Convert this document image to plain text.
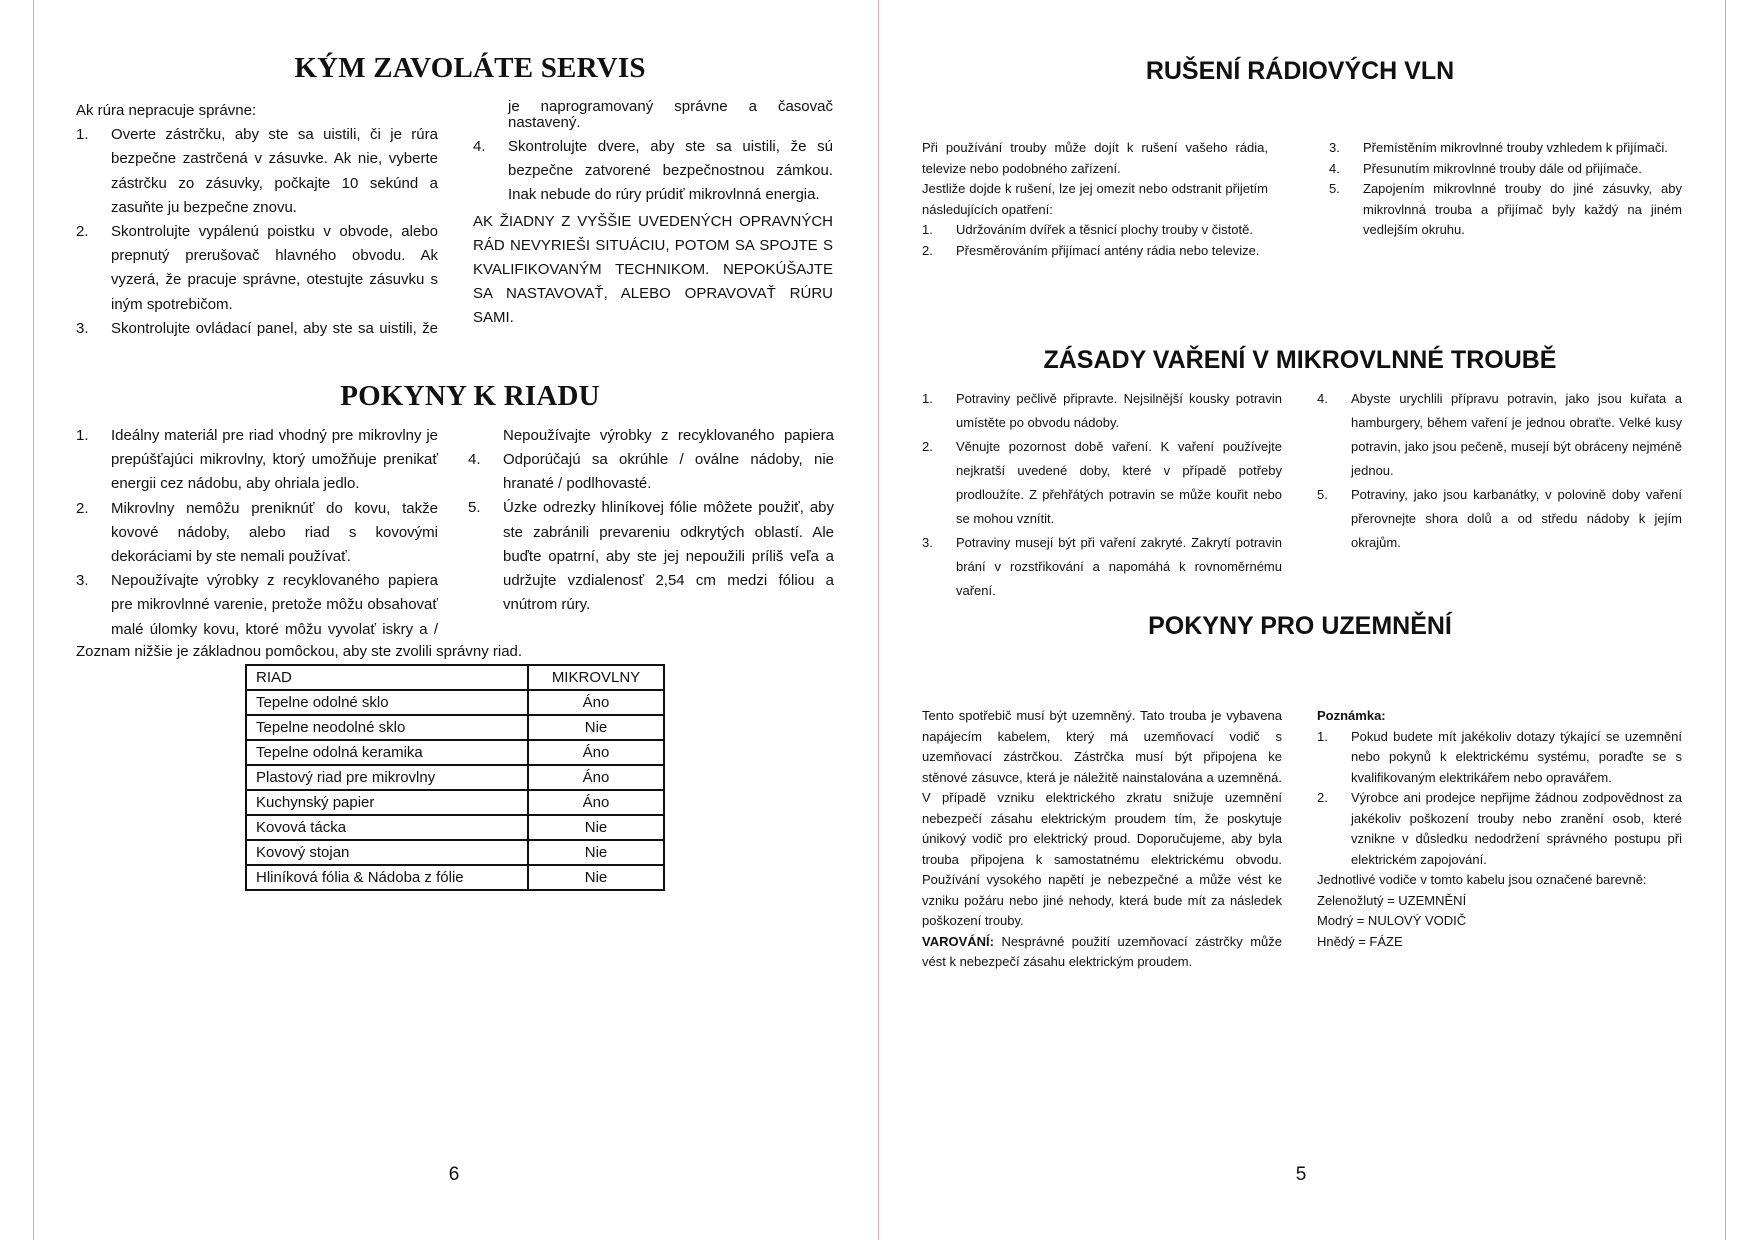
KÝM ZAVOLÁTE SERVIS

Ak rúra nepracuje správne:

1. Overte zástrčku, aby ste sa uistili, či je rúra bezpečne zastrčená v zásuvke. Ak nie, vyberte zástrčku zo zásuvky, počkajte 10 sekúnd a zasuňte ju bezpečne znovu.
2. Skontrolujte vypálenú poistku v obvode, alebo prepnutý prerušovač hlavného obvodu. Ak vyzerá, že pracuje správne, otestujte zásuvku s iným spotrebičom.
3. Skontrolujte ovládací panel, aby ste sa uistili, že
je naprogramovaný správne a časovač nastavený.
4. Skontrolujte dvere, aby ste sa uistili, že sú bezpečne zatvorené bezpečnostnou zámkou. Inak nebude do rúry prúdiť mikrovlnná energia.

AK ŽIADNY Z VYŠŠIE UVEDENÝCH OPRAVNÝCH RÁD NEVYRIEŠI SITUÁCIU, POTOM SA SPOJTE S KVALIFIKOVANÝM TECHNIKOM. NEPOKÚŠAJTE SA NASTAVOVAŤ, ALEBO OPRAVOVAŤ RÚRU SAMI.

POKYNY K RIADU
1. Ideálny materiál pre riad vhodný pre mikrovlny je prepúšťajúci mikrovlny, ktorý umožňuje prenikať energii cez nádobu, aby ohriala jedlo.
2. Mikrovlny nemôžu preniknúť do kovu, takže kovové nádoby, alebo riad s kovovými dekoráciami by ste nemali používať.
3. Nepoužívajte výrobky z recyklovaného papiera pre mikrovlnné varenie, pretože môžu obsahovať malé úlomky kovu, ktoré môžu vyvolať iskry a /
Nepoužívajte výrobky z recyklovaného papiera
4. Odporúčajú sa okrúhle / oválne nádoby, nie hranaté / podlhovasté.
5. Úzke odrezky hliníkovej fólie môžete použiť, aby ste zabránili prevareniu odkrytých oblastí. Ale buďte opatrní, aby ste jej nepoužili príliš veľa a udržujte vzdialenosť 2,54 cm medzi fóliou a vnútrom rúry.
Zoznam nižšie je základnou pomôckou, aby ste zvolili správny riad.
RIAD	MIKROVLNY
Tepelne odolné sklo	Áno
Tepelne neodolné sklo	Nie
Tepelne odolná keramika	Áno
Plastový riad pre mikrovlny	Áno
Kuchynský papier	Áno
Kovová tácka	Nie
Kovový stojan	Nie
Hliníková fólia & Nádoba z fólie	Nie
6
RUŠENÍ RÁDIOVÝCH VLN

Při používání trouby může dojít k rušení vašeho rádia, televize nebo podobného zařízení.

Jestliže dojde k rušení, lze jej omezit nebo odstranit přijetím následujících opatření:

1. Udržováním dvířek a těsnicí plochy trouby v čistotě.
2. Přesměrováním přijímací antény rádia nebo televize.
3. Přemístěním mikrovlnné trouby vzhledem k přijímači.
4. Přesunutím mikrovlnné trouby dále od přijímače.
5. Zapojením mikrovlnné trouby do jiné zásuvky, aby mikrovlnná trouba a přijímač byly každý na jiném vedlejším okruhu.
ZÁSADY VAŘENÍ V MIKROVLNNÉ TROUBĚ
1. Potraviny pečlivě připravte. Nejsilnější kousky potravin umístěte po obvodu nádoby.
2. Věnujte pozornost době vaření. K vaření používejte nejkratší uvedené doby, které v případě potřeby prodloužíte. Z přehřátých potravin se může kouřit nebo se mohou vznítit.
3. Potraviny musejí být při vaření zakryté. Zakrytí potravin brání v rozstřikování a napomáhá k rovnoměrnému vaření.
4. Abyste urychlili přípravu potravin, jako jsou kuřata a hamburgery, během vaření je jednou obraťte. Velké kusy potravin, jako jsou pečeně, musejí být obráceny nejméně jednou.
5. Potraviny, jako jsou karbanátky, v polovině doby vaření přerovnejte shora dolů a od středu nádoby k jejím okrajům.
POKYNY PRO UZEMNĚNÍ

Tento spotřebič musí být uzemněný. Tato trouba je vybavena napájecím kabelem, který má uzemňovací vodič s uzemňovací zástrčkou. Zástrčka musí být připojena ke stěnové zásuvce, která je náležitě nainstalována a uzemněná. V případě vzniku elektrického zkratu snižuje uzemnění nebezpečí zásahu elektrickým proudem tím, že poskytuje únikový vodič pro elektrický proud. Doporučujeme, aby byla trouba připojena k samostatnému elektrickému obvodu. Používání vysokého napětí je nebezpečné a může vést ke vzniku požáru nebo jiné nehody, která bude mít za následek poškození trouby.

VAROVÁNÍ: Nesprávné použití uzemňovací zástrčky může vést k nebezpečí zásahu elektrickým proudem.

Poznámka:

1. Pokud budete mít jakékoliv dotazy týkající se uzemnění nebo pokynů k elektrickému systému, poraďte se s kvalifikovaným elektrikářem nebo opravářem.
2. Výrobce ani prodejce nepřijme žádnou zodpovědnost za jakékoliv poškození trouby nebo zranění osob, které vznikne v důsledku nedodržení správného postupu při elektrickém zapojování.

Jednotlivé vodiče v tomto kabelu jsou označené barevně:

Zelenožlutý = UZEMNĚNÍ

Modrý = NULOVÝ VODIČ

Hnědý = FÁZE

5
